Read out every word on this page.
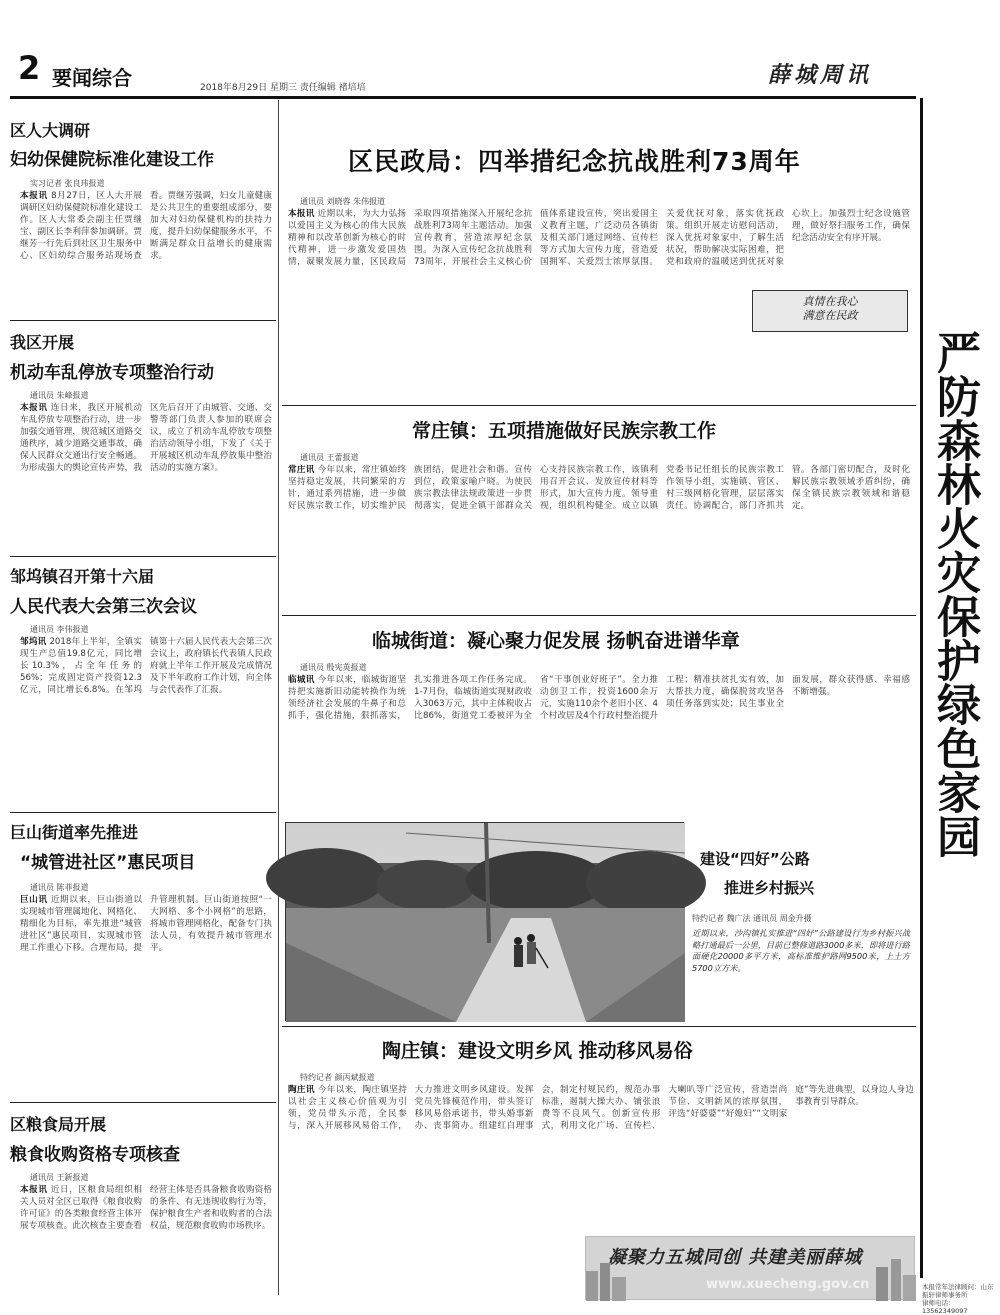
2 要闻综合	2018年8月29日 星期三 责任编辑 褚培培	薛城周讯
严防森林火灾保护绿色家园
区人大调研
妇幼保健院标准化建设工作
实习记者 张良玮报道
本报讯 8月27日，区人大开展调研区妇幼保健院标准化建设工作。区人大常委会副主任贾继宝、副区长李利萍参加调研。贾继芳一行先后到社区卫生服务中心、区妇幼综合服务站现场查看。贾继芳强调，妇女儿童健康是公共卫生的重要组成部分，要加大对妇幼保健机构的扶持力度，提升妇幼保健服务水平，不断满足群众日益增长的健康需求。
我区开展
机动车乱停放专项整治行动
通讯员 朱峰报道
本报讯 连日来，我区开展机动车乱停放专项整治行动，进一步加强交通管理，规范城区道路交通秩序，减少道路交通事故，确保人民群众交通出行安全畅通。为形成强大的舆论宣传声势，我区先后召开了由城管、交通、交警等部门负责人参加的联席会议，成立了机动车乱停放专项整治活动领导小组，下发了《关于开展城区机动车乱停放集中整治活动的实施方案》。
邹坞镇召开第十六届
人民代表大会第三次会议
通讯员 李伟报道
邹坞讯 2018年上半年，全镇实现生产总值19.8亿元，同比增长10.3%，占全年任务的56%；完成固定资产投资12.3亿元，同比增长6.8%。在邹坞镇第十六届人民代表大会第三次会议上，政府镇长代表镇人民政府就上半年工作开展及完成情况及下半年政府工作计划，向全体与会代表作了汇报。
巨山街道率先推进
“城管进社区”惠民项目
通讯员 陈菲报道
巨山讯 近期以来，巨山街道以实现城市管理属地化、网格化、精细化为目标，率先推进“城管进社区”惠民项目，实现城市管理工作重心下移。合理布局，提升管理机制。巨山街道按照“一大网格、多个小网格”的思路，将城市管理网格化，配备专门执法人员，有效提升城市管理水平。
区粮食局开展
粮食收购资格专项核查
通讯员 王新报道
本报讯 近日，区粮食局组织相关人员对全区已取得《粮食收购许可证》的各类粮食经营主体开展专项核查。此次核查主要查看经营主体是否具备粮食收购资格的条件、有无违规收购行为等，保护粮食生产者和收购者的合法权益，规范粮食收购市场秩序。
区民政局：四举措纪念抗战胜利73周年
通讯员 刘晓蓉 朱伟报道
本报讯 近期以来，为大力弘扬以爱国主义为核心的伟大民族精神和以改革创新为核心的时代精神，进一步激发爱国热情，凝聚发展力量，区民政局采取四项措施深入开展纪念抗战胜利73周年主题活动。加强宣传教育，营造浓厚纪念氛围。为深入宣传纪念抗战胜利73周年，开展社会主义核心价值体系建设宣传，突出爱国主义教育主题，广泛动员各镇街及相关部门通过网络、宣传栏等方式加大宣传力度，营造爱国拥军、关爱烈士浓厚氛围。关爱优抚对象，落实优抚政策。组织开展走访慰问活动，深入优抚对象家中，了解生活状况，帮助解决实际困难，把党和政府的温暖送到优抚对象心坎上。加强烈士纪念设施管理，做好祭扫服务工作，确保纪念活动安全有序开展。
真情在我心
满意在民政
常庄镇：五项措施做好民族宗教工作
通讯员 王蕾报道
常庄讯 今年以来，常庄镇始终坚持稳定发展，共同繁荣的方针，通过系列措施，进一步做好民族宗教工作，切实维护民族团结，促进社会和谐。宣传到位，政策家喻户晓。为使民族宗教法律法规政策进一步贯彻落实，促进全镇干部群众关心支持民族宗教工作，该镇利用召开会议、发放宣传材料等形式，加大宣传力度。领导重视，组织机构健全。成立以镇党委书记任组长的民族宗教工作领导小组，实施镇、管区、村三级网格化管理，层层落实责任。协调配合，部门齐抓共管。各部门密切配合，及时化解民族宗教领域矛盾纠纷，确保全镇民族宗教领域和谐稳定。
临城街道：凝心聚力促发展 扬帆奋进谱华章
通讯员 殷宪英报道
临城讯 今年以来，临城街道坚持把实施新旧动能转换作为统领经济社会发展的牛鼻子和总抓手，强化措施，狠抓落实，扎实推进各项工作任务完成。1-7月份，临城街道实现财政收入3063万元，其中主体税收占比86%，街道党工委被评为全省“干事创业好班子”。全力推动创卫工作，投资1600余万元，实施110余个老旧小区、4个村改居及4个行政村整治提升工程；精准扶贫扎实有效，加大帮扶力度，确保脱贫攻坚各项任务落到实处；民生事业全面发展，群众获得感、幸福感不断增强。
建设“四好”公路
推进乡村振兴
特约记者 魏广法 通讯员 周金升摄
近期以来，沙沟镇扎实推进“四好”公路建设行为乡村振兴战略打通最后一公里，目前已整修道路3000多米，即将进行路面硬化20000多平方米，高标准维护路网9500米，上土方5700立方米。
陶庄镇：建设文明乡风 推动移风易俗
特约记者 颜丙斌报道
陶庄讯 今年以来，陶庄镇坚持以社会主义核心价值观为引领，党员带头示范，全民参与，深入开展移风易俗工作，大力推进文明乡风建设。发挥党员先锋模范作用，带头签订移风易俗承诺书，带头婚事新办、丧事简办。组建红白理事会，制定村规民约，规范办事标准，遏制大操大办、铺张浪费等不良风气。创新宣传形式，利用文化广场、宣传栏、大喇叭等广泛宣传，营造崇尚节俭、文明新风的浓厚氛围，评选“好婆婆”“好媳妇”“文明家庭”等先进典型，以身边人身边事教育引导群众。
凝聚力五城同创 共建美丽薛城
www.xuecheng.gov.cn	本报常年法律顾问：山东振轩律师事务所
律师电话：13562349097
